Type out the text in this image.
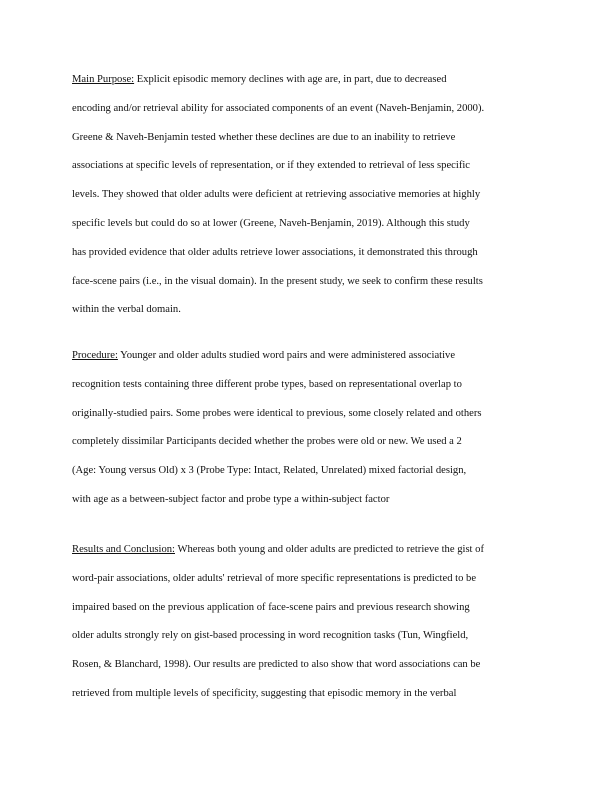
Main Purpose: Explicit episodic memory declines with age are, in part, due to decreased

encoding and/or retrieval ability for associated components of an event (Naveh-Benjamin, 2000).

Greene & Naveh-Benjamin tested whether these declines are due to an inability to retrieve

associations at specific levels of representation, or if they extended to retrieval of less specific

levels. They showed that older adults were deficient at retrieving associative memories at highly

specific levels but could do so at lower (Greene, Naveh-Benjamin, 2019). Although this study

has provided evidence that older adults retrieve lower associations, it demonstrated this through

face-scene pairs (i.e., in the visual domain). In the present study, we seek to confirm these results

within the verbal domain.

Procedure: Younger and older adults studied word pairs and were administered associative

recognition tests containing three different probe types, based on representational overlap to

originally-studied pairs. Some probes were identical to previous, some closely related and others

completely dissimilar Participants decided whether the probes were old or new. We used a 2

(Age: Young versus Old) x 3 (Probe Type: Intact, Related, Unrelated) mixed factorial design,

with age as a between-subject factor and probe type a within-subject factor

Results and Conclusion: Whereas both young and older adults are predicted to retrieve the gist of

word-pair associations, older adults' retrieval of more specific representations is predicted to be

impaired based on the previous application of face-scene pairs and previous research showing

older adults strongly rely on gist-based processing in word recognition tasks (Tun, Wingfield,

Rosen, & Blanchard, 1998). Our results are predicted to also show that word associations can be

retrieved from multiple levels of specificity, suggesting that episodic memory in the verbal
